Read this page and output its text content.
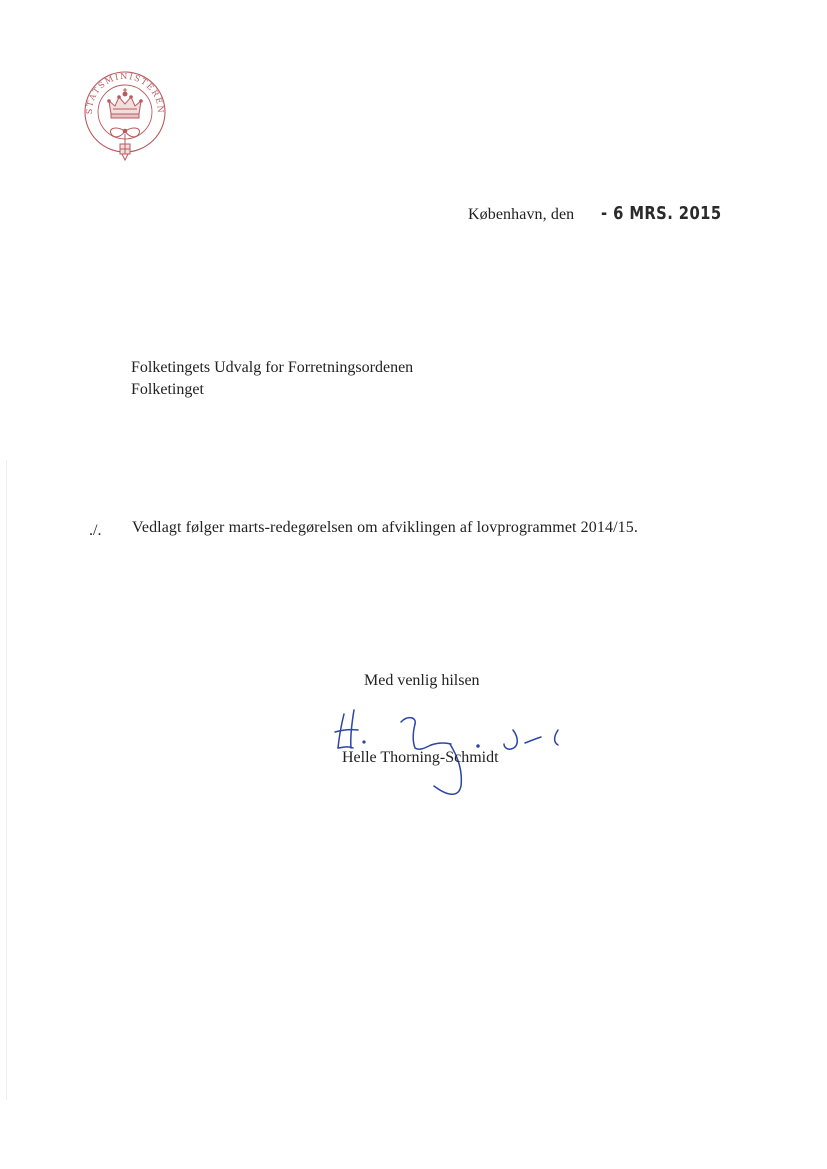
STATSMINISTEREN
København, den - 6 MRS. 2015
Folketingets Udvalg for Forretningsordenen
Folketinget
./. Vedlagt følger marts-redegørelsen om afviklingen af lovprogrammet 2014/15.
Med venlig hilsen
Helle Thorning-Schmidt
